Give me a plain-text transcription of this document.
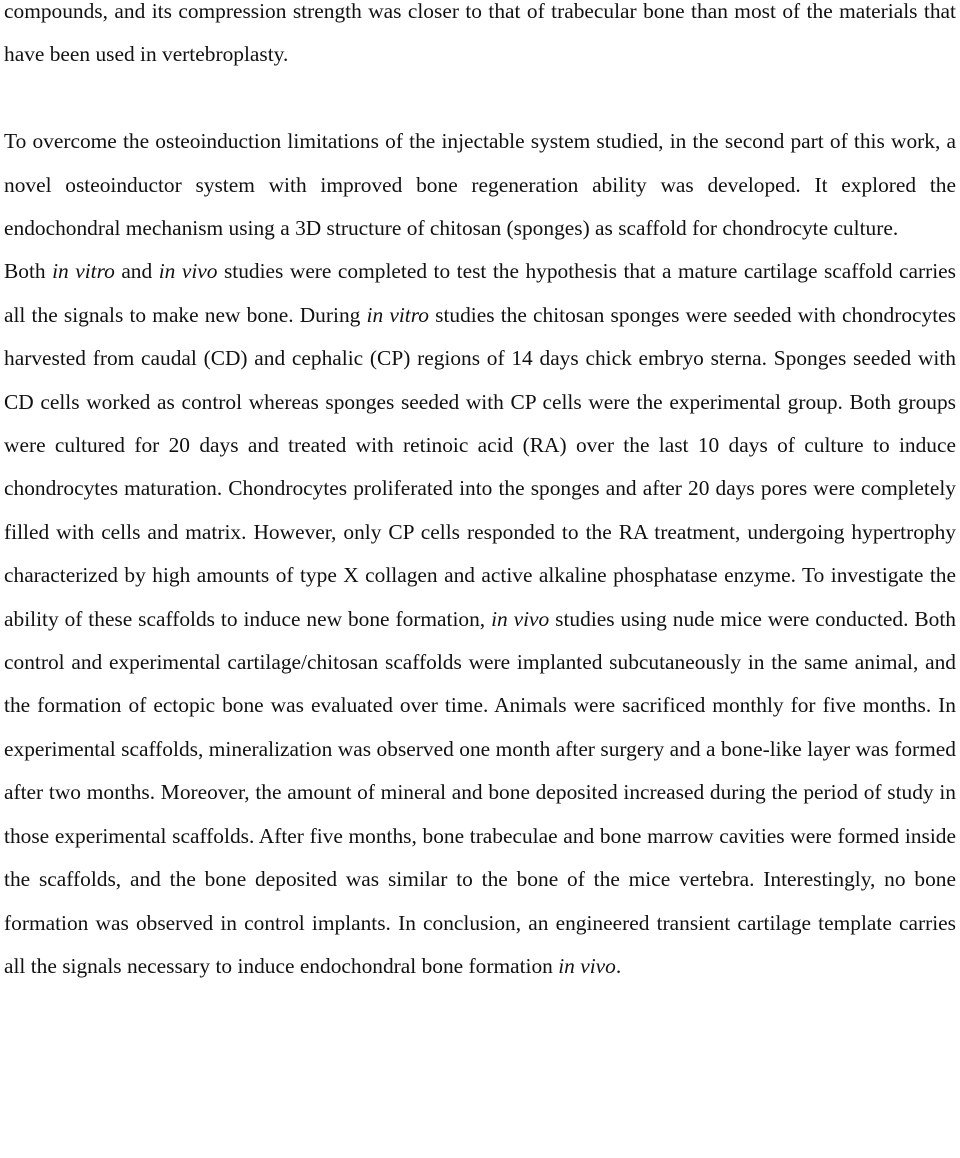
compounds, and its compression strength was closer to that of trabecular bone than most of the materials that have been used in vertebroplasty.

To overcome the osteoinduction limitations of the injectable system studied, in the second part of this work, a novel osteoinductor system with improved bone regeneration ability was developed. It explored the endochondral mechanism using a 3D structure of chitosan (sponges) as scaffold for chondrocyte culture.

Both in vitro and in vivo studies were completed to test the hypothesis that a mature cartilage scaffold carries all the signals to make new bone. During in vitro studies the chitosan sponges were seeded with chondrocytes harvested from caudal (CD) and cephalic (CP) regions of 14 days chick embryo sterna. Sponges seeded with CD cells worked as control whereas sponges seeded with CP cells were the experimental group. Both groups were cultured for 20 days and treated with retinoic acid (RA) over the last 10 days of culture to induce chondrocytes maturation. Chondrocytes proliferated into the sponges and after 20 days pores were completely filled with cells and matrix. However, only CP cells responded to the RA treatment, undergoing hypertrophy characterized by high amounts of type X collagen and active alkaline phosphatase enzyme. To investigate the ability of these scaffolds to induce new bone formation, in vivo studies using nude mice were conducted. Both control and experimental cartilage/chitosan scaffolds were implanted subcutaneously in the same animal, and the formation of ectopic bone was evaluated over time. Animals were sacrificed monthly for five months. In experimental scaffolds, mineralization was observed one month after surgery and a bone-like layer was formed after two months. Moreover, the amount of mineral and bone deposited increased during the period of study in those experimental scaffolds. After five months, bone trabeculae and bone marrow cavities were formed inside the scaffolds, and the bone deposited was similar to the bone of the mice vertebra. Interestingly, no bone formation was observed in control implants. In conclusion, an engineered transient cartilage template carries all the signals necessary to induce endochondral bone formation in vivo.
